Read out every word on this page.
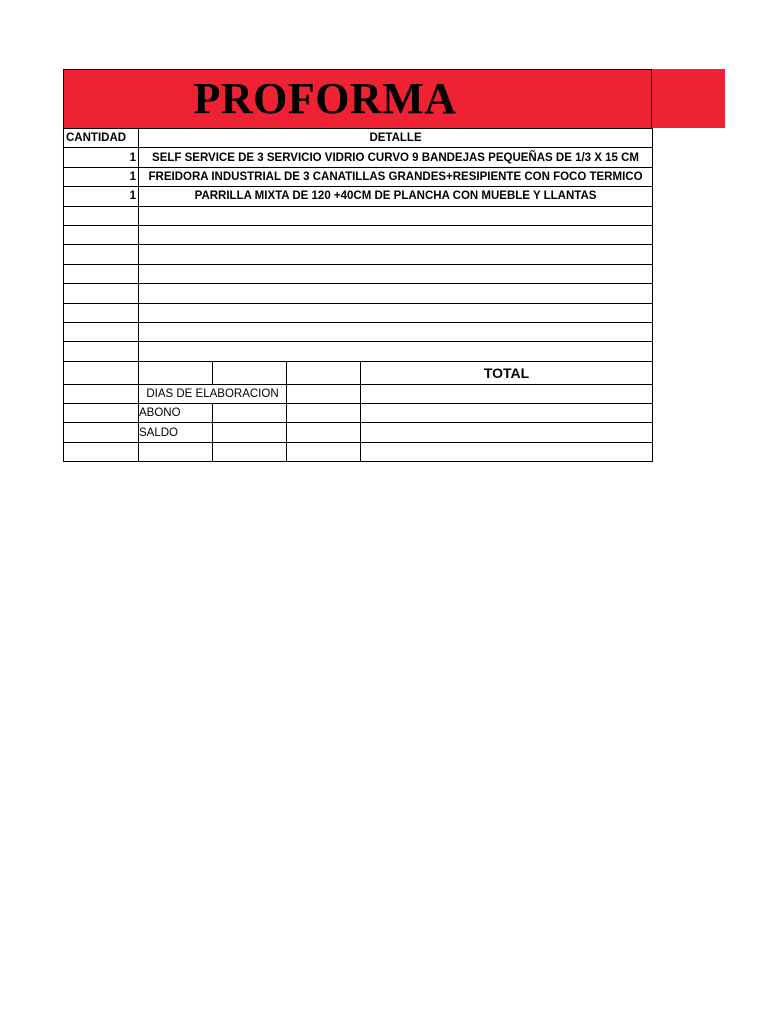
PROFORMA
CANTIDAD	DETALLE			
1	SELF SERVICE DE 3 SERVICIO VIDRIO CURVO 9 BANDEJAS PEQUEÑAS DE 1/3 X 15 CM			
1	FREIDORA INDUSTRIAL DE 3 CANATILLAS GRANDES+RESIPIENTE CON FOCO TERMICO			
1	PARRILLA MIXTA DE 120 +40CM DE PLANCHA CON MUEBLE Y LLANTAS			

				TOTAL
	DIAS DE ELABORACION			
	ABONO			
	SALDO			
